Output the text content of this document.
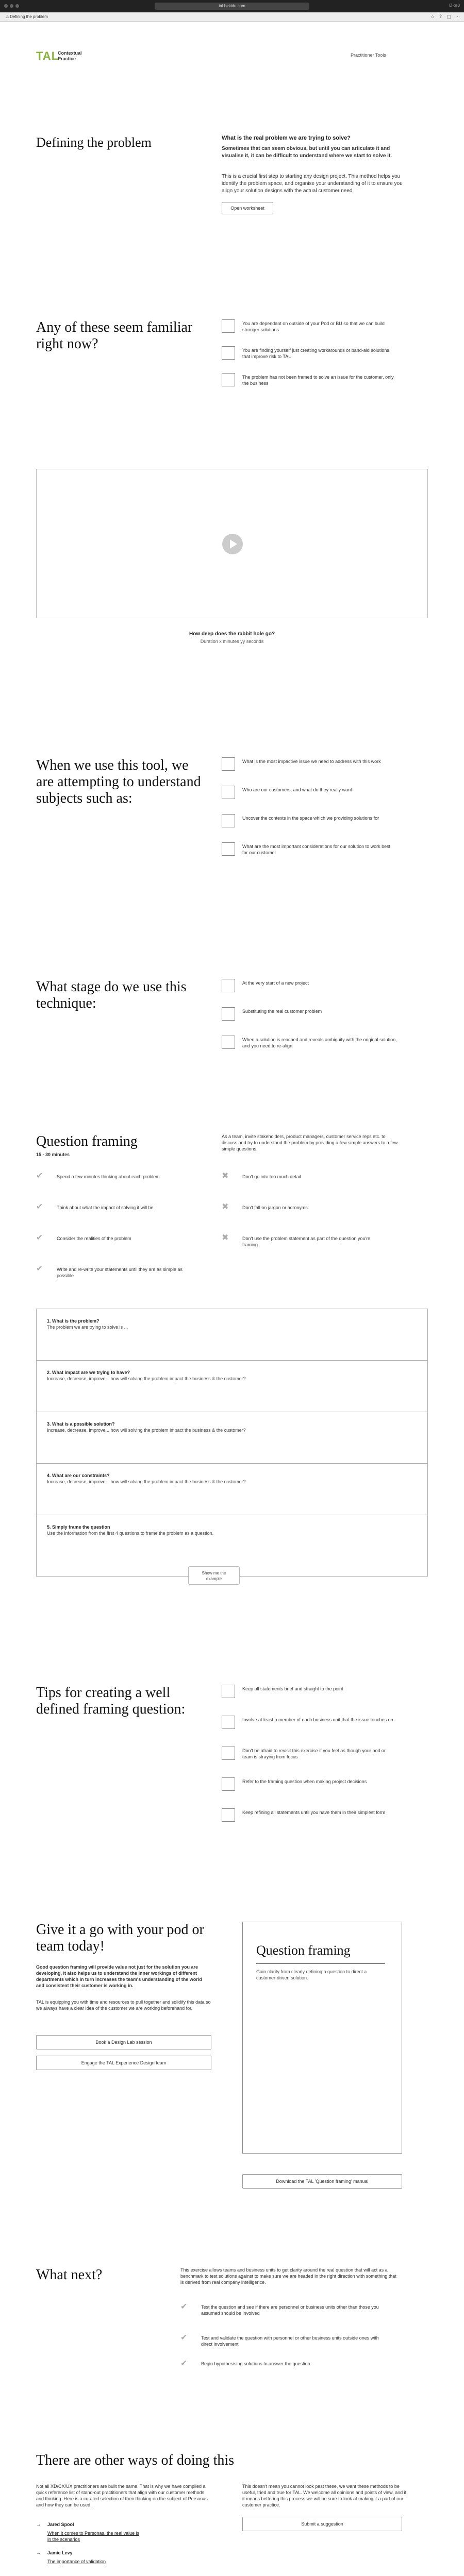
tal.bekidu.com	Ð-œ3
⌂ Defining the problem	☆ ⇪ ▢ ⋯
TAL
Contextual
Practice
Practitioner Tools
Defining the problem	What is the real problem we are trying to solve?
Sometimes that can seem obvious, but until you can articulate it and visualise it, it can be difficult to understand where we start to solve it.
This is a crucial first step to starting any design project. This method helps you identify the problem space, and organise your understanding of it to ensure you align your solution designs with the actual customer need.
Open worksheet
Any of these seem familiar right now?
You are dependant on outside of your Pod or BU so that we can build stronger solutions
You are finding yourself just creating workarounds or band-aid solutions that improve risk to TAL
The problem has not been framed to solve an issue for the customer, only the business
How deep does the rabbit hole go?
Duration x minutes yy seconds
When we use this tool, we are attempting to understand subjects such as:
What is the most impactive issue we need to address with this work
Who are our customers, and what do they really want
Uncover the contexts in the space which we providing solutions for
What are the most important considerations for our solution to work best for our customer
What stage do we use this technique:
At the very start of a new project
Substituting the real customer problem
When a solution is reached and reveals ambiguity with the original solution, and you need to re-align
Question framing
15 - 30 minutes
As a team, invite stakeholders, product managers, customer service reps etc. to discuss and try to understand the problem by providing a few simple answers to a few simple questions.
✔	Spend a few minutes thinking about each problem
✔	Think about what the impact of solving it will be
✔	Consider the realities of the problem
✔	Write and re-write your statements until they are as simple as possible
✖	Don't go into too much detail
✖	Don't fall on jargon or acronyms
✖	Don't use the problem statement as part of the question you're framing
1. What is the problem?
The problem we are trying to solve is ...
2. What impact are we trying to have?
Increase, decrease, improve... how will solving the problem impact the business & the customer?
3. What is a possible solution?
Increase, decrease, improve... how will solving the problem impact the business & the customer?
4. What are our constraints?
Increase, decrease, improve... how will solving the problem impact the business & the customer?
5. Simply frame the question
Use the information from the first 4 questions to frame the problem as a question.
Show me the
example
Tips for creating a well defined framing question:
Keep all statements brief and straight to the point
Involve at least a member of each business unit that the issue touches on
Don't be afraid to revisit this exercise if you feel as though your pod or team is straying from focus
Refer to the framing question when making project decisions
Keep refining all statements until you have them in their simplest form
Give it a go with your pod or team today!
Good question framing will provide value not just for the solution you are developing, it also helps us to understand the inner workings of different departments which in turn increases the team's understanding of the world and consistent their customer is working in.
TAL is equipping you with time and resources to pull together and solidify this data so we always have a clear idea of the customer we are working beforehand for.
Book a Design Lab session
Engage the TAL Experience Design team
Question framing
Gain clarity from clearly defining a question to direct a customer-driven solution.
Download the TAL 'Question framing' manual
What next?	This exercise allows teams and business units to get clarity around the real question that will act as a benchmark to test solutions against to make sure we are headed in the right direction with something that is derived from real company intelligence.
✔	Test the question and see if there are personnel or business units other than those you assumed should be involved
✔	Test and validate the question with personnel or other business units outside ones with direct involvement
✔	Begin hypothesising solutions to answer the question
There are other ways of doing this
Not all XD/CX/UX practitioners are built the same. That is why we have compiled a quick reference list of stand-out practitioners that align with our customer methods and thinking. Here is a curated selection of their thinking on the subject of Personas and how they can be used.
This doesn't mean you cannot look past these, we want these methods to be useful, tried and true for TAL. We welcome all opinions and points of view, and if it means bettering this process we will be sure to look at making it a part of our customer practice.
Submit a suggestion
→ Jared Spool
When it comes to Personas, the real value is
in the scenarios
→ Jamie Levy
The importance of validation
